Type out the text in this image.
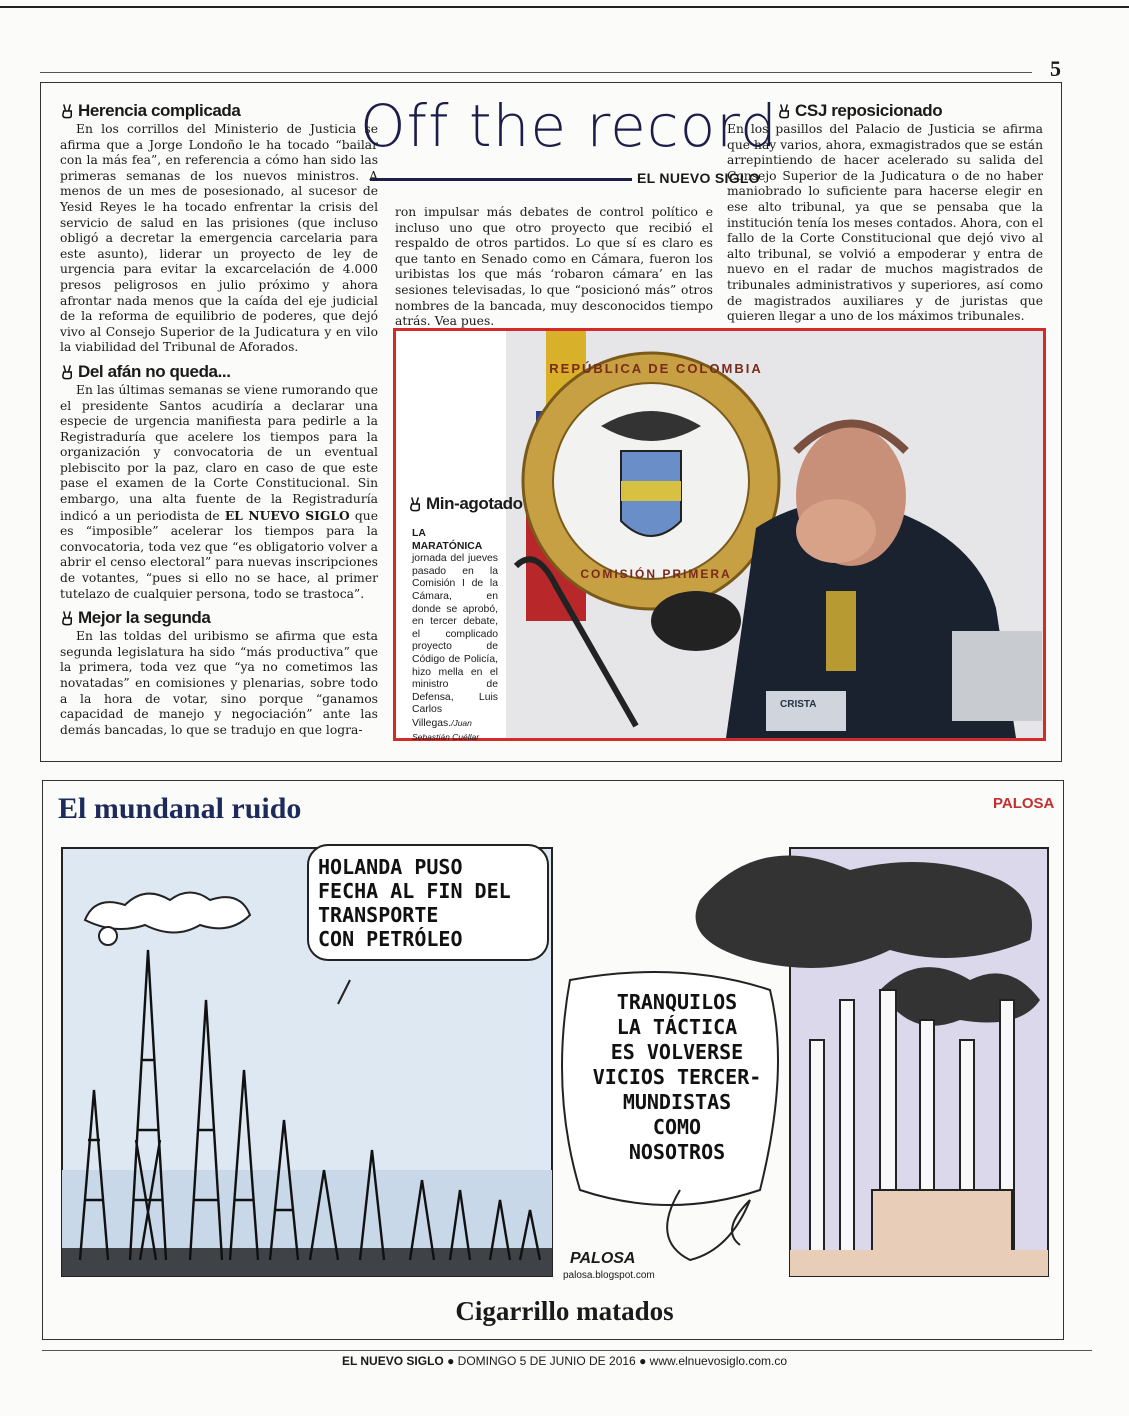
5
Off the record
EL NUEVO SIGLO
Herencia complicada

En los corrillos del Ministerio de Justicia se afirma que a Jorge Londoño le ha tocado “bailar con la más fea”, en referencia a cómo han sido las primeras semanas de los nuevos ministros. A menos de un mes de posesionado, al sucesor de Yesid Reyes le ha tocado enfrentar la crisis del servicio de salud en las prisiones (que incluso obligó a decretar la emergencia carcelaria para este asunto), liderar un proyecto de ley de urgencia para evitar la excarcelación de 4.000 presos peligrosos en julio próximo y ahora afrontar nada menos que la caída del eje judicial de la reforma de equilibrio de poderes, que dejó vivo al Consejo Superior de la Judicatura y en vilo la viabilidad del Tribunal de Aforados.

Del afán no queda...

En las últimas semanas se viene rumorando que el presidente Santos acudiría a declarar una especie de urgencia manifiesta para pedirle a la Registraduría que acelere los tiempos para la organización y convocatoria de un eventual plebiscito por la paz, claro en caso de que este pase el examen de la Corte Constitucional. Sin embargo, una alta fuente de la Registraduría indicó a un periodista de EL NUEVO SIGLO que es “imposible” acelerar los tiempos para la convocatoria, toda vez que “es obligatorio volver a abrir el censo electoral” para nuevas inscripciones de votantes, “pues si ello no se hace, al primer tutelazo de cualquier persona, todo se trastoca”.

Mejor la segunda

En las toldas del uribismo se afirma que esta segunda legislatura ha sido “más productiva” que la primera, toda vez que “ya no cometimos las novatadas” en comisiones y plenarias, sobre todo a la hora de votar, sino porque “ganamos capacidad de manejo y negociación” ante las demás bancadas, lo que se tradujo en que logra-

ron impulsar más debates de control político e incluso uno que otro proyecto que recibió el respaldo de otros partidos. Lo que sí es claro es que tanto en Senado como en Cámara, fueron los uribistas los que más ‘robaron cámara’ en las sesiones televisadas, lo que “posicionó más” otros nombres de la bancada, muy desconocidos tiempo atrás. Vea pues.

CSJ reposicionado

En los pasillos del Palacio de Justicia se afirma que hay varios, ahora, exmagistrados que se están arrepintiendo de hacer acelerado su salida del Consejo Superior de la Judicatura o de no haber maniobrado lo suficiente para hacerse elegir en ese alto tribunal, ya que se pensaba que la institución tenía los meses contados. Ahora, con el fallo de la Corte Constitucional que dejó vivo al alto tribunal, se volvió a empoderar y entra de nuevo en el radar de muchos magistrados de tribunales administrativos y superiores, así como de magistrados auxiliares y de juristas que quieren llegar a uno de los máximos tribunales.

REPÚBLICA DE COLOMBIA
COMISIÓN PRIMERA
CRISTA
Min-agotado
LA MARATÓNICA jornada del jueves pasado en la Comisión I de la Cámara, en donde se aprobó, en tercer debate, el complicado proyecto de Código de Policía, hizo mella en el ministro de Defensa, Luis Carlos Villegas./Juan Sebastián Cuéllar
El mundanal ruido	PALOSA
HOLANDA PUSO
FECHA AL FIN DEL
TRANSPORTE
CON PETRÓLEO
TRANQUILOS
LA TÁCTICA
ES VOLVERSE
VICIOS TERCER-
MUNDISTAS
COMO
NOSOTROS
PALOSA
palosa.blogspot.com
Cigarrillo matados
EL NUEVO SIGLO ● DOMINGO 5 DE JUNIO DE 2016 ● www.elnuevosiglo.com.co
